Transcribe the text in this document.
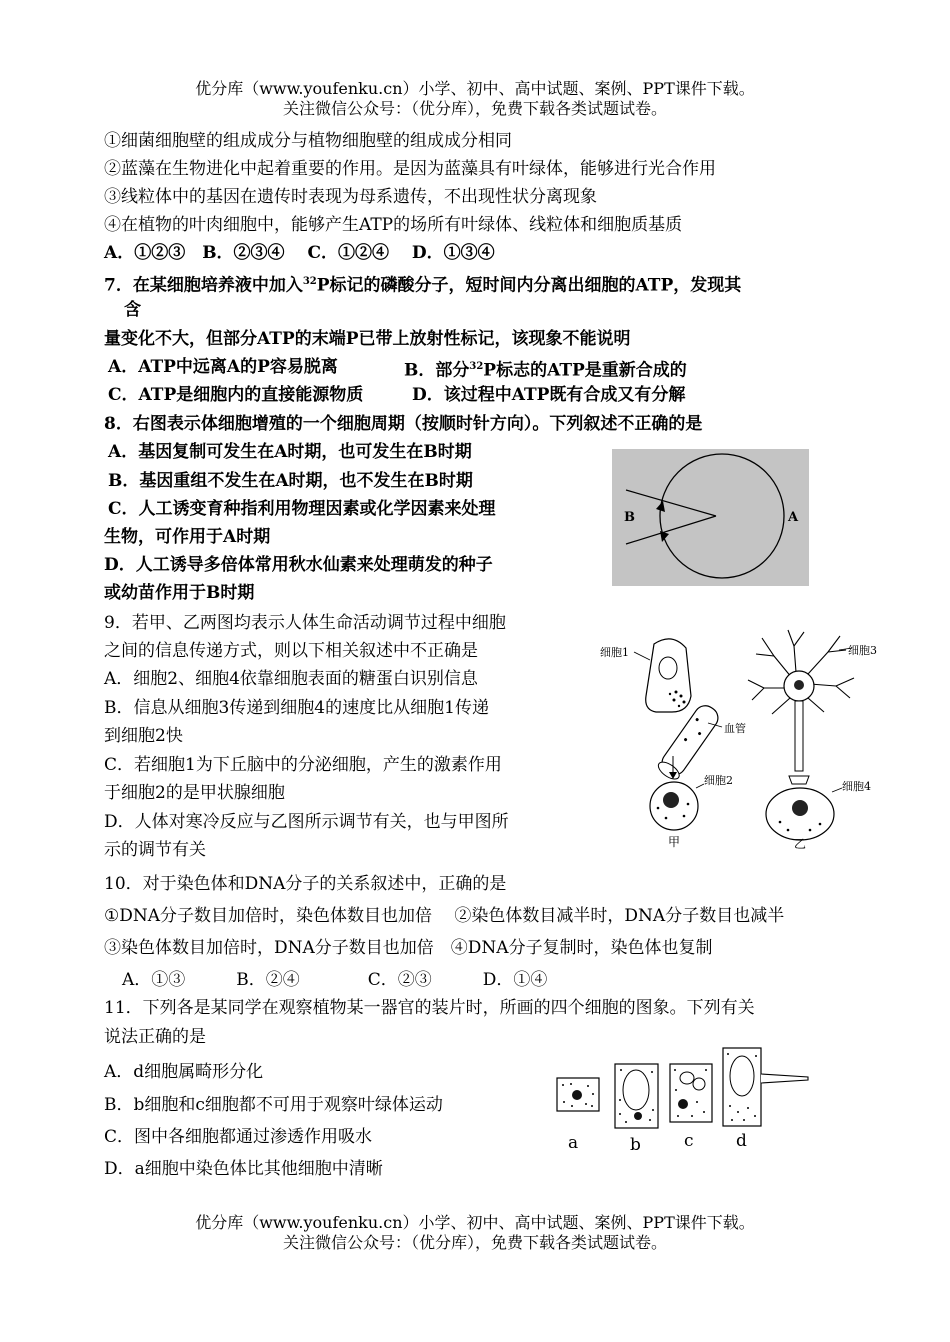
优分库（www.youfenku.cn）小学、初中、高中试题、案例、PPT课件下载。
关注微信公众号：（优分库），免费下载各类试题试卷。
①细菌细胞壁的组成成分与植物细胞壁的组成成分相同
②蓝藻在生物进化中起着重要的作用。是因为蓝藻具有叶绿体，能够进行光合作用
③线粒体中的基因在遗传时表现为母系遗传，不出现性状分离现象
④在植物的叶肉细胞中，能够产生ATP的场所有叶绿体、线粒体和细胞质基质
A．①②③　B．②③④　 C．①②④　 D．①③④
7．在某细胞培养液中加入$^{32}$P标记的磷酸分子，短时间内分离出细胞的ATP，发现其
含
量变化不大，但部分ATP的末端P已带上放射性标记，该现象不能说明
A．ATP中远离A的P容易脱离	B．部分$^{32}$P标志的ATP是重新合成的
C．ATP是细胞内的直接能源物质	D．该过程中ATP既有合成又有分解
8．右图表示体细胞增殖的一个细胞周期（按顺时针方向）。下列叙述不正确的是
A．基因复制可发生在A时期，也可发生在B时期
B．基因重组不发生在A时期，也不发生在B时期
C．人工诱变育种指利用物理因素或化学因素来处理
生物，可作用于A时期
D．人工诱导多倍体常用秋水仙素来处理萌发的种子
或幼苗作用于B时期
B	A
9．若甲、乙两图均表示人体生命活动调节过程中细胞
之间的信息传递方式，则以下相关叙述中不正确是
A．细胞2、细胞4依靠细胞表面的糖蛋白识别信息
B．信息从细胞3传递到细胞4的速度比从细胞1传递
到细胞2快
C．若细胞1为下丘脑中的分泌细胞，产生的激素作用
于细胞2的是甲状腺细胞
D．人体对寒冷反应与乙图所示调节有关，也与甲图所
示的调节有关
细胞1
血管
细胞2
甲
细胞3
细胞4
乙
10．对于染色体和DNA分子的关系叙述中，正确的是
①DNA分子数目加倍时，染色体数目也加倍　 ②染色体数目减半时，DNA分子数目也减半
③染色体数目加倍时，DNA分子数目也加倍　④DNA分子复制时，染色体也复制
A．①③　　　B．②④　　　　C．②③　　　D．①④
11．下列各是某同学在观察植物某一器官的装片时，所画的四个细胞的图象。下列有关
说法正确的是
A．d细胞属畸形分化
B．b细胞和c细胞都不可用于观察叶绿体运动
C．图中各细胞都通过渗透作用吸水
D．a细胞中染色体比其他细胞中清晰
a	b	c d
优分库（www.youfenku.cn）小学、初中、高中试题、案例、PPT课件下载。
关注微信公众号：（优分库），免费下载各类试题试卷。
